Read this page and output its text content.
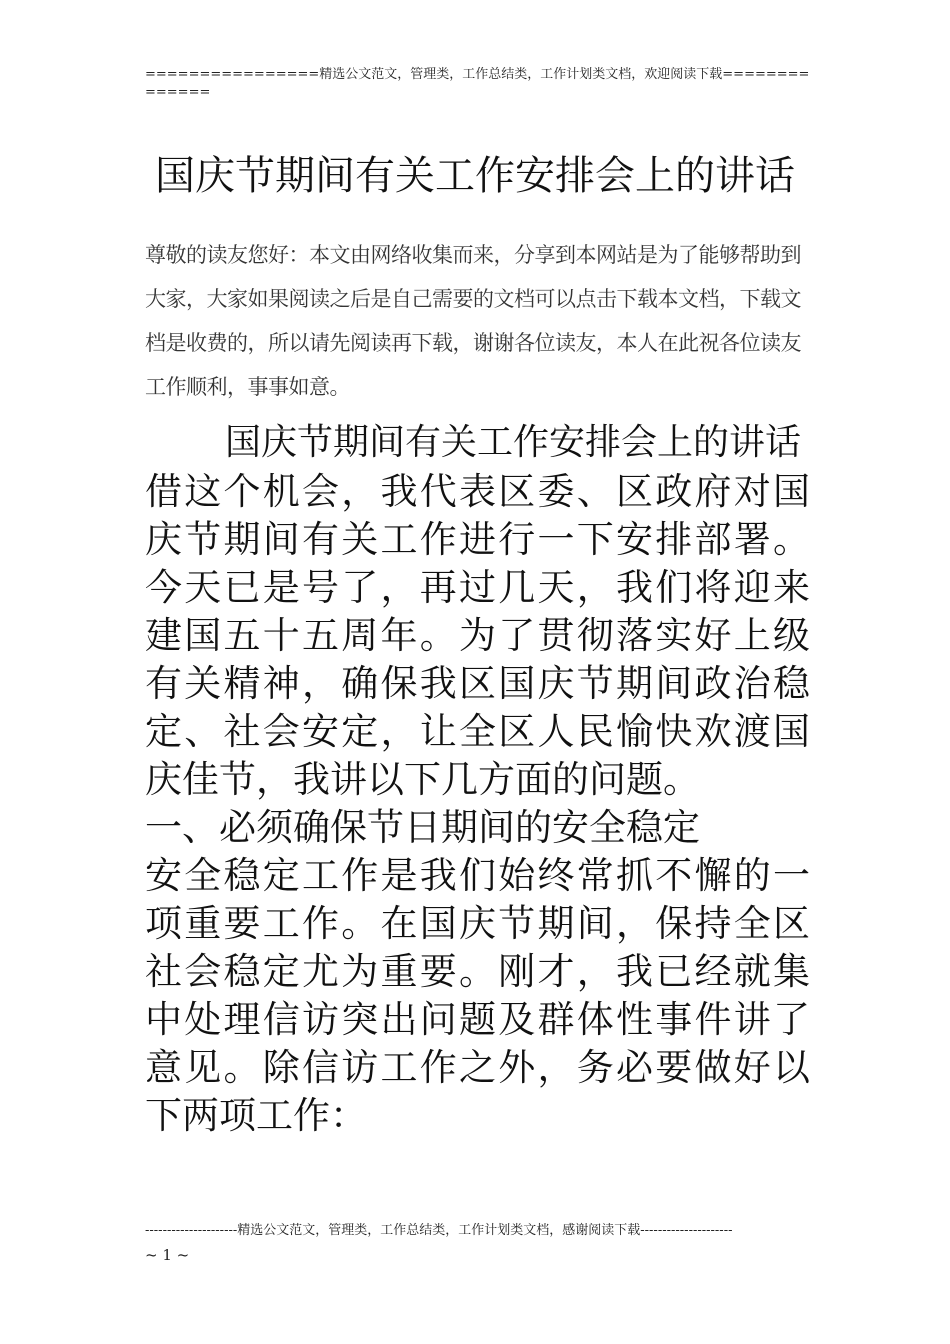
================精选公文范文，管理类，工作总结类，工作计划类文档，欢迎阅读下载==============
国庆节期间有关工作安排会上的讲话
尊敬的读友您好：本文由网络收集而来，分享到本网站是为了能够帮助到大家，大家如果阅读之后是自己需要的文档可以点击下载本文档，下载文档是收费的，所以请先阅读再下载，谢谢各位读友，本人在此祝各位读友工作顺利，事事如意。
国庆节期间有关工作安排会上的讲话

借这个机会，我代表区委、区政府对国庆节期间有关工作进行一下安排部署。今天已是号了，再过几天，我们将迎来建国五十五周年。为了贯彻落实好上级有关精神，确保我区国庆节期间政治稳定、社会安定，让全区人民愉快欢渡国庆佳节，我讲以下几方面的问题。

一、必须确保节日期间的安全稳定

安全稳定工作是我们始终常抓不懈的一项重要工作。在国庆节期间，保持全区社会稳定尤为重要。刚才，我已经就集中处理信访突出问题及群体性事件讲了意见。除信访工作之外，务必要做好以下两项工作：

---------------------精选公文范文，管理类，工作总结类，工作计划类文档，感谢阅读下载---------------------
~ 1 ~
